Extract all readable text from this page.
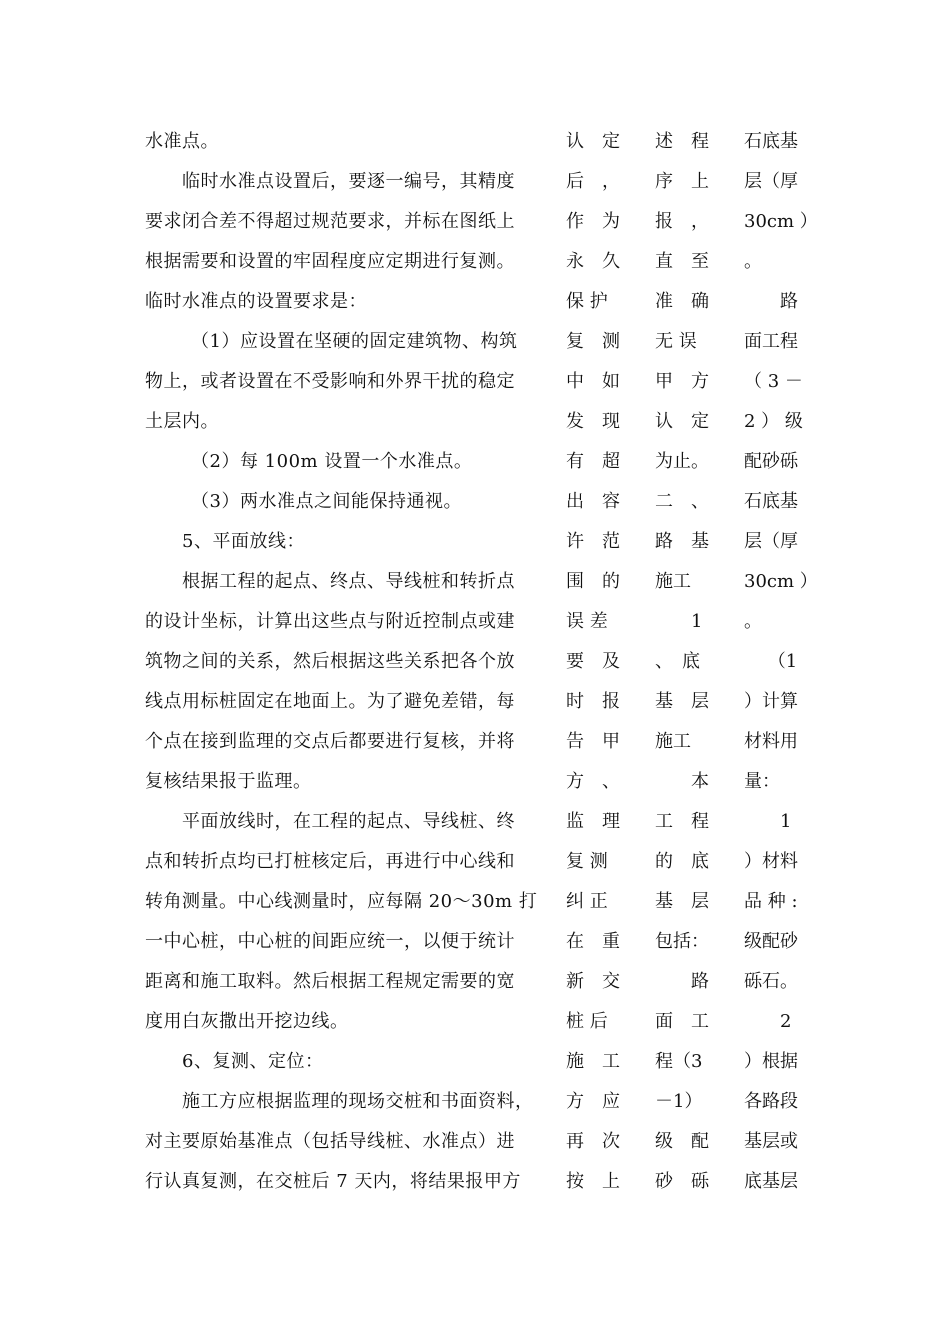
水准点。
临时水准点设置后，要逐一编号，其精度
要求闭合差不得超过规范要求，并标在图纸上
根据需要和设置的牢固程度应定期进行复测。
临时水准点的设置要求是：
（1）应设置在坚硬的固定建筑物、构筑
物上，或者设置在不受影响和外界干扰的稳定
土层内。
（2）每 100m 设置一个水准点。
（3）两水准点之间能保持通视。
5、平面放线：
根据工程的起点、终点、导线桩和转折点
的设计坐标，计算出这些点与附近控制点或建
筑物之间的关系，然后根据这些关系把各个放
线点用标桩固定在地面上。为了避免差错，每
个点在接到监理的交点后都要进行复核，并将
复核结果报于监理。
平面放线时，在工程的起点、导线桩、终
点和转折点均已打桩核定后，再进行中心线和
转角测量。中心线测量时，应每隔 20～30m 打
一中心桩，中心桩的间距应统一，以便于统计
距离和施工取料。然后根据工程规定需要的宽
度用白灰撒出开挖边线。
6、复测、定位：
施工方应根据监理的现场交桩和书面资料，
对主要原始基准点（包括导线桩、水准点）进
行认真复测，在交桩后 7 天内，将结果报甲方
认　定
后　，
作　为
永　久
保 护
复　测
中　如
发　现
有　超
出　容
许　范
围　的
误 差
要　及
时　报
告　甲
方　、
监　理
复 测
纠 正
在　重
新　交
桩 后
施　工
方　应
再　次
按　上
述　程
序　上
报　，
直　至
准　确
无 误
甲　方
认　定
为止。
二　、
路　基
施工
　　1
、　底
基　层
施工
　　本
工　程
的　底
基　层
包括：
　　路
面　工
程（3
－1）
级　配
砂　砾
石底基
层（厚
30cm ）
。
　　路
面工程
（ 3 －
2 ） 级
配砂砾
石底基
层（厚
30cm ）
。
　 （1
）计算
材料用
量：
　　1
）材料
品 种 :
级配砂
砾石。
　　2
）根据
各路段
基层或
底基层
